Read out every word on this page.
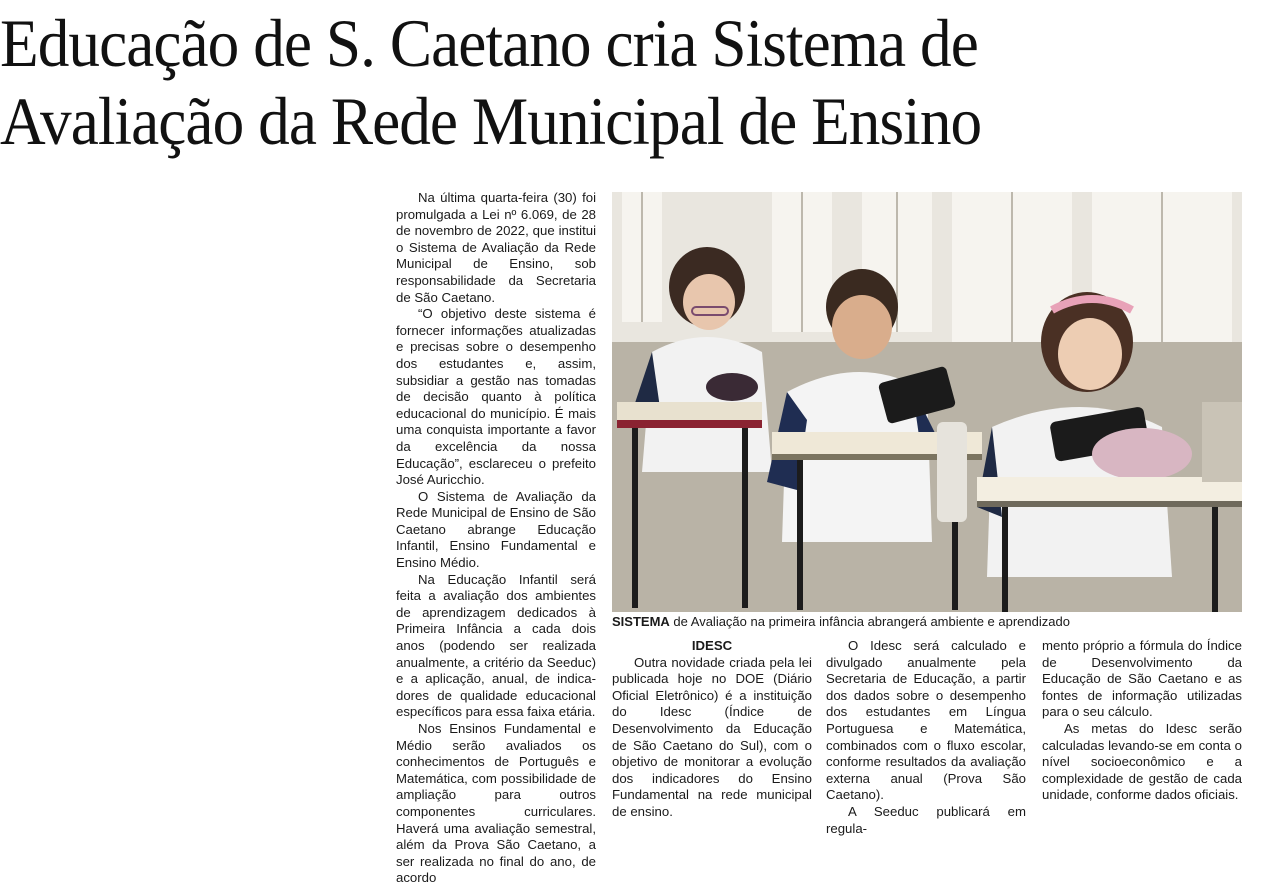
Educação de S. Caetano cria Sistema de
Avaliação da Rede Municipal de Ensino

Na última quarta-feira (30) foi promulgada a Lei nº 6.069, de 28 de novembro de 2022, que institui o Sistema de Avaliação da Rede Municipal de Ensino, sob responsabilidade da Secretaria de São Caetano.

“O objetivo deste sistema é fornecer informações atualizadas e precisas sobre o desempenho dos estudantes e, assim, subsidiar a gestão nas tomadas de decisão quanto à política educacional do município. É mais uma conquista importante a favor da excelência da nossa Educação”, esclareceu o prefeito José Auricchio.

O Sistema de Avaliação da Rede Municipal de Ensino de São Caetano abrange Educação Infantil, Ensino Fundamental e Ensino Médio.

Na Educação Infantil será feita a avaliação dos ambientes de aprendizagem dedicados à Primeira Infância a cada dois anos (podendo ser realizada anualmente, a critério da Seeduc) e a aplicação, anual, de indica-dores de qualidade educacional específicos para essa faixa etária.

Nos Ensinos Fundamental e Médio serão avaliados os conhecimentos de Português e Matemática, com possibilidade de ampliação para outros componentes curriculares. Haverá uma avaliação semestral, além da Prova São Caetano, a ser realizada no final do ano, de acordo

SISTEMA de Avaliação na primeira infância abrangerá ambiente e aprendizado

IDESC

Outra novidade criada pela lei publicada hoje no DOE (Diário Oficial Eletrônico) é a instituição do Idesc (Índice de Desenvolvimento da Educação de São Caetano do Sul), com o objetivo de monitorar a evolução dos indicadores do Ensino Fundamental na rede municipal de ensino.

O Idesc será calculado e divulgado anualmente pela Secretaria de Educação, a partir dos dados sobre o desempenho dos estudantes em Língua Portuguesa e Matemática, combinados com o fluxo escolar, conforme resultados da avaliação externa anual (Prova São Caetano).

A Seeduc publicará em regula-

mento próprio a fórmula do Índice de Desenvolvimento da Educação de São Caetano e as fontes de informação utilizadas para o seu cálculo.

As metas do Idesc serão calculadas levando-se em conta o nível socioeconômico e a complexidade de gestão de cada unidade, conforme dados oficiais.
